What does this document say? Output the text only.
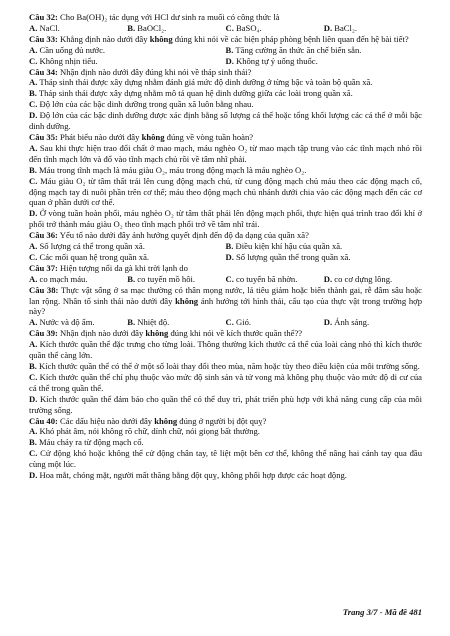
Câu 32: Cho Ba(OH)₂ tác dụng với HCl dư sinh ra muối có công thức là

A. NaCl.	B. BaOCl₂.	C. BaSO₄.	D. BaCl₂.

Câu 33: Khẳng định nào dưới đây không đúng khi nói về các biện pháp phòng bệnh liên quan đến hệ bài tiết?

A. Cần uống đủ nước.	B. Tăng cường ăn thức ăn chế biến sẵn.
C. Không nhịn tiểu.	D. Không tự ý uống thuốc.

Câu 34: Nhận định nào dưới đây đúng khi nói về tháp sinh thái?

A. Tháp sinh thái được xây dựng nhằm đánh giá mức độ dinh dưỡng ở từng bậc và toàn bộ quần xã.

B. Tháp sinh thái được xây dựng nhằm mô tả quan hệ dinh dưỡng giữa các loài trong quần xã.

C. Độ lớn của các bậc dinh dưỡng trong quần xã luôn bằng nhau.

D. Độ lớn của các bậc dinh dưỡng được xác định bằng số lượng cá thể hoặc tổng khối lượng các cá thể ở mỗi bậc dinh dưỡng.

Câu 35: Phát biểu nào dưới đây không đúng về vòng tuần hoàn?

A. Sau khi thực hiện trao đổi chất ở mao mạch, máu nghèo O₂ từ mao mạch tập trung vào các tĩnh mạch nhỏ rồi đến tĩnh mạch lớn và đổ vào tĩnh mạch chủ rồi về tâm nhĩ phải.

B. Máu trong tĩnh mạch là máu giàu O₂, máu trong động mạch là máu nghèo O₂.

C. Máu giàu O₂ từ tâm thất trái lên cung động mạch chủ, từ cung động mạch chủ máu theo các động mạch cổ, động mạch tay đi nuôi phần trên cơ thể; máu theo động mạch chủ nhánh dưới chia vào các động mạch đến các cơ quan ở phần dưới cơ thể.

D. Ở vòng tuần hoàn phổi, máu nghèo O₂ từ tâm thất phải lên động mạch phổi, thực hiện quá trình trao đổi khí ở phổi trở thành máu giàu O₂ theo tĩnh mạch phổi trở về tâm nhĩ trái.

Câu 36: Yếu tố nào dưới đây ảnh hưởng quyết định đến độ đa dạng của quần xã?

A. Số lượng cá thể trong quần xã.	B. Điều kiện khí hậu của quần xã.
C. Các mối quan hệ trong quần xã.	D. Số lượng quần thể trong quần xã.

Câu 37: Hiện tượng nổi da gà khi trời lạnh do

A. co mạch máu.	B. co tuyến mồ hôi.	C. co tuyến bã nhờn.	D. co cơ dựng lông.

Câu 38: Thực vật sống ở sa mạc thường có thân mọng nước, lá tiêu giảm hoặc biến thành gai, rễ đâm sâu hoặc lan rộng. Nhân tố sinh thái nào dưới đây không ảnh hưởng tới hình thái, cấu tạo của thực vật trong trường hợp này?

A. Nước và độ ẩm.	B. Nhiệt độ.	C. Gió.	D. Ánh sáng.

Câu 39: Nhận định nào dưới đây không đúng khi nói về kích thước quần thể??

A. Kích thước quần thể đặc trưng cho từng loài. Thông thường kích thước cá thể của loài càng nhỏ thì kích thước quần thể càng lớn.

B. Kích thước quần thể có thể ở một số loài thay đổi theo mùa, năm hoặc tùy theo điều kiện của môi trường sống.

C. Kích thước quần thể chỉ phụ thuộc vào mức độ sinh sản và tử vong mà không phụ thuộc vào mức độ di cư của cá thể trong quần thể.

D. Kích thước quần thể đảm bảo cho quần thể có thể duy trì, phát triển phù hợp với khả năng cung cấp của môi trường sống.

Câu 40: Các dấu hiệu nào dưới đây không đúng ở người bị đột quỵ?

A. Khó phát âm, nói không rõ chữ, dính chữ, nói giọng bất thường.

B. Máu chảy ra từ động mạch cổ.

C. Cử động khó hoặc không thể cử động chân tay, tê liệt một bên cơ thể, không thể nâng hai cánh tay qua đầu cùng một lúc.

D. Hoa mắt, chóng mặt, người mất thăng bằng đột quỵ, không phối hợp được các hoạt động.

Trang 3/7 - Mã đề 481
